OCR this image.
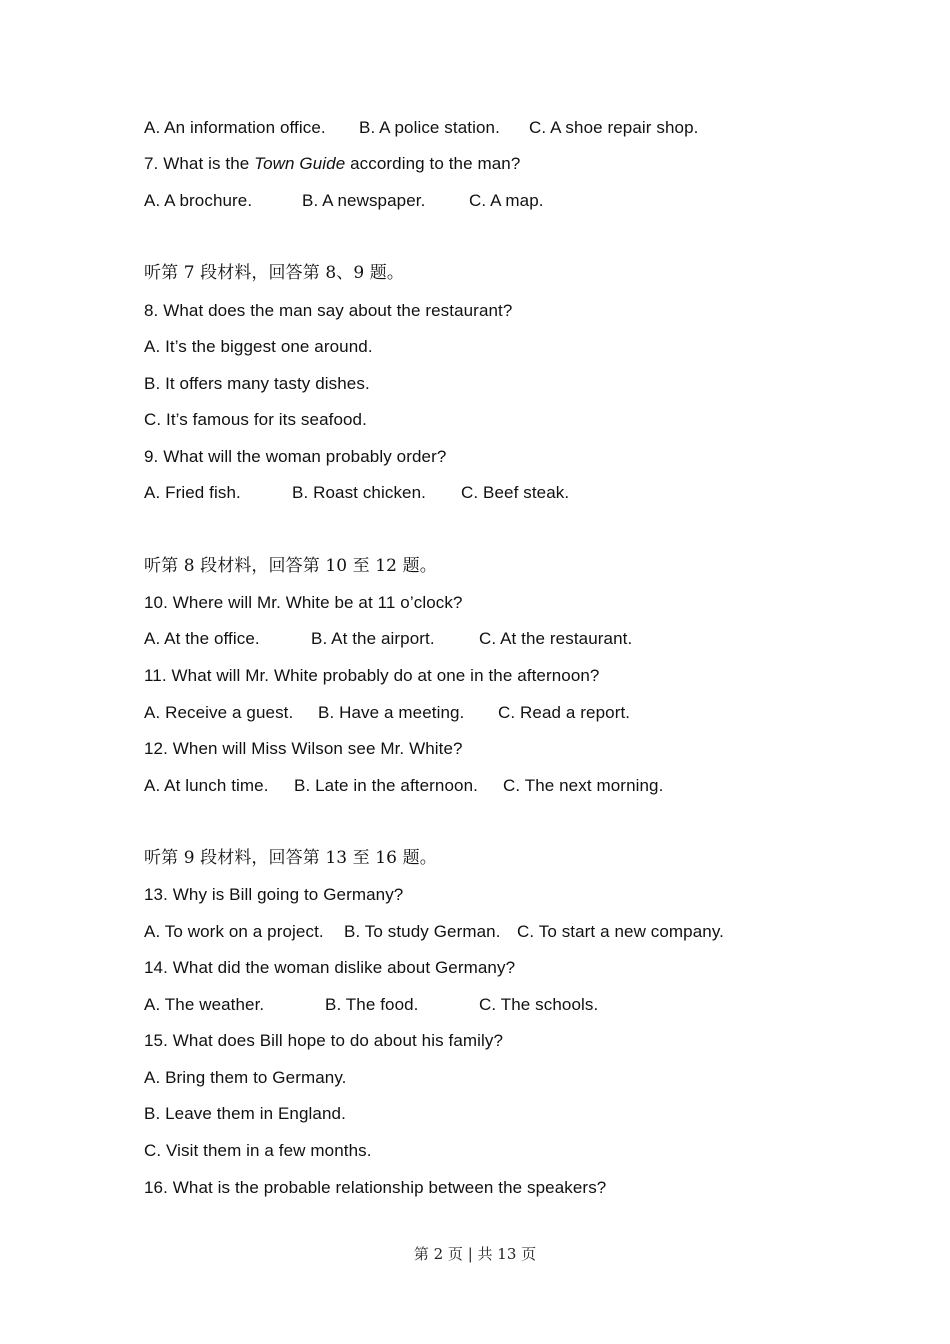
A. An information office.

B. A police station.

C. A shoe repair shop.

7. What is the Town Guide according to the man?

A. A brochure.

	B. A newspaper.

	C. A map.

听第 7 段材料，回答第 8、9 题。
8. What does the man say about the restaurant?
A. It’s the biggest one around.
B. It offers many tasty dishes.
C. It’s famous for its seafood.
9. What will the woman probably order?

A. Fried fish.

	B. Roast chicken.

C. Beef steak.

听第 8 段材料，回答第 10 至 12 题。
10. Where will Mr. White be at 11 o’clock?

A. At the office.

	B. At the airport.

	C. At the restaurant.

11. What will Mr. White probably do at one in the afternoon?

A. Receive a guest.

B. Have a meeting.

C. Read a report.

12. When will Miss Wilson see Mr. White?

A. At lunch time.

B. Late in the afternoon.

C. The next morning.

听第 9 段材料，回答第 13 至 16 题。
13. Why is Bill going to Germany?

A. To work on a project.

B. To study German.

C. To start a new company.

14. What did the woman dislike about Germany?

A. The weather.

	B. The food.

	C. The schools.

15. What does Bill hope to do about his family?
A. Bring them to Germany.
B. Leave them in England.
C. Visit them in a few months.
16. What is the probable relationship between the speakers?
第 2 页 | 共 13 页
